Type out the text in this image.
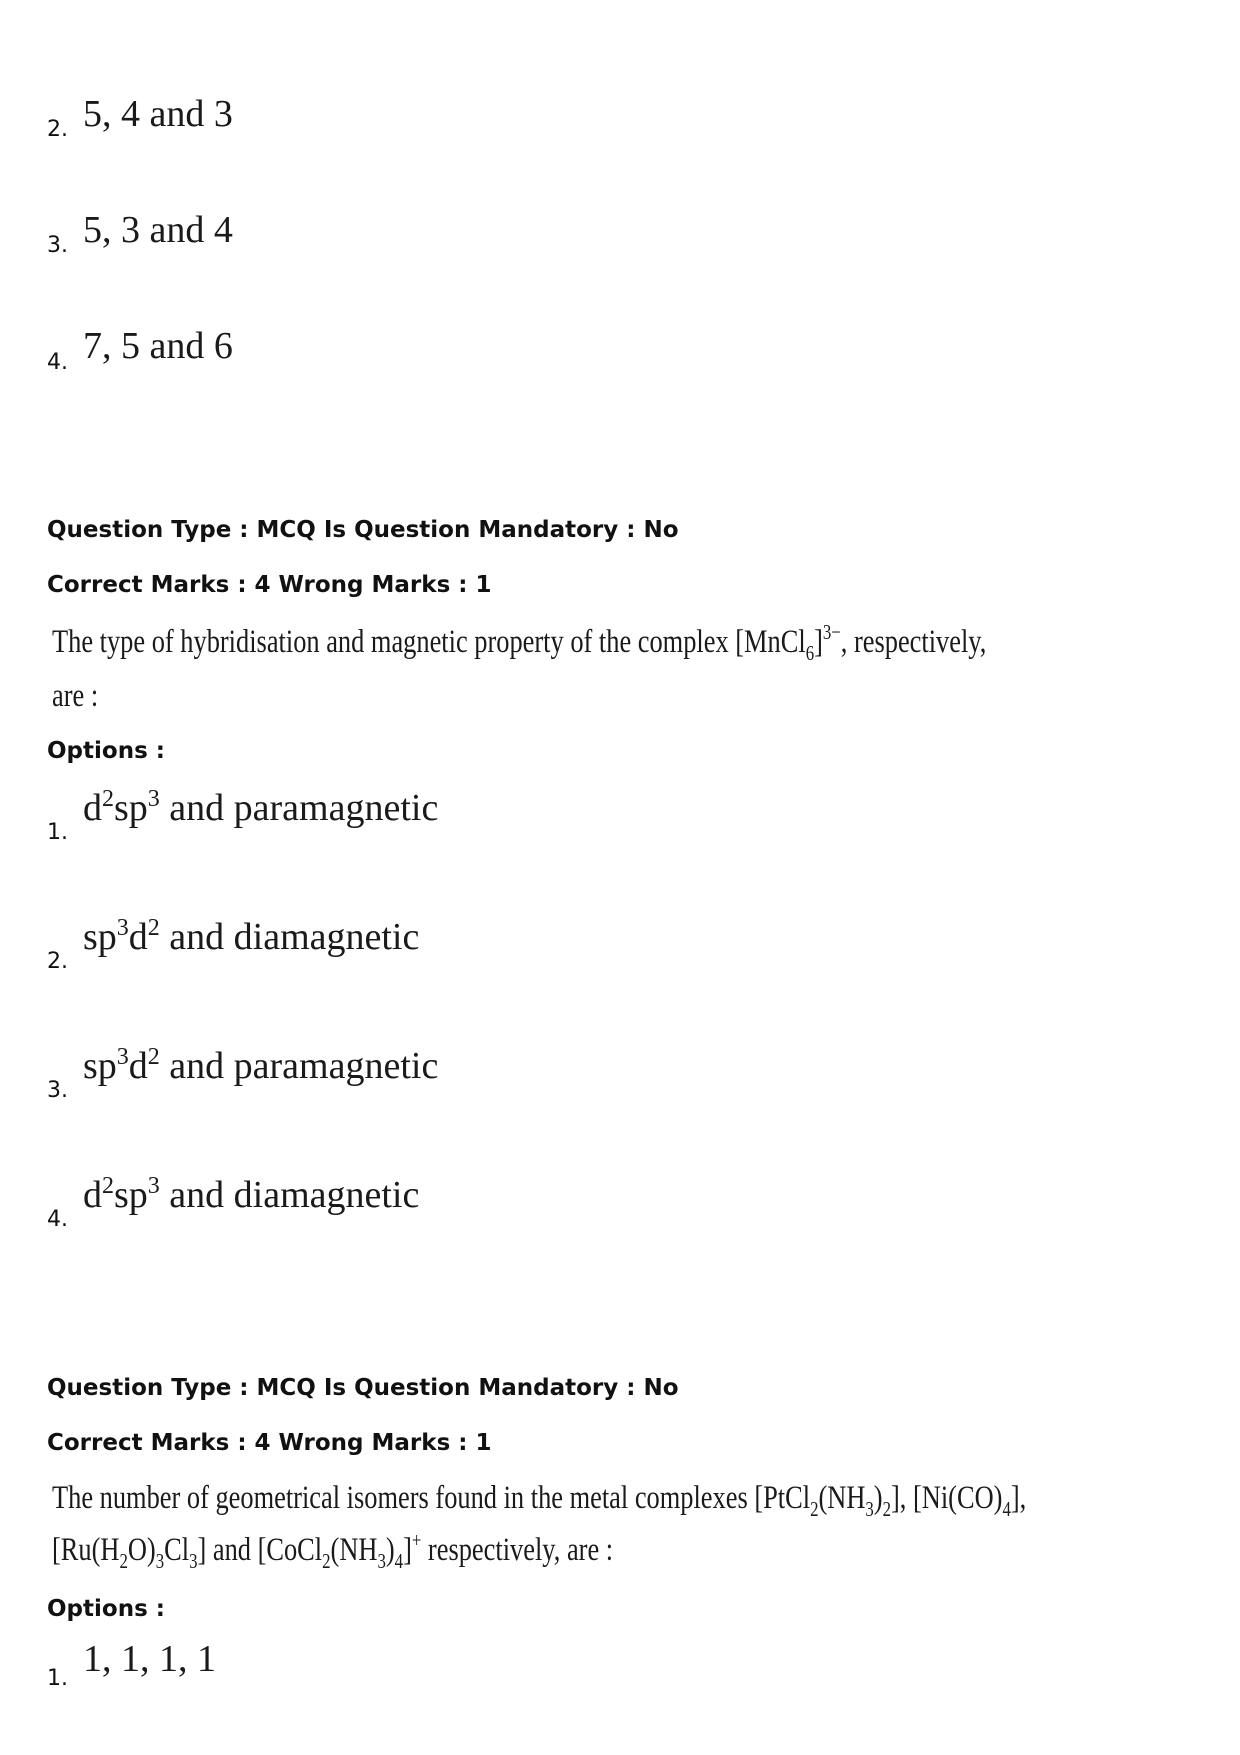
5, 4 and 3
2.
5, 3 and 4
3.
7, 5 and 6
4.
Question Type : MCQ Is Question Mandatory : No
Correct Marks : 4 Wrong Marks : 1
The type of hybridisation and magnetic property of the complex [MnCl$_6$]$^{3-}$, respectively,
are :
Options :
$d^2sp^3$ and paramagnetic
1.
$sp^3d^2$ and diamagnetic
2.
$sp^3d^2$ and paramagnetic
3.
$d^2sp^3$ and diamagnetic
4.
Question Type : MCQ Is Question Mandatory : No
Correct Marks : 4 Wrong Marks : 1
The number of geometrical isomers found in the metal complexes $[PtCl_2(NH_3)_2]$, $[Ni(CO)_4]$,
$[Ru(H_2O)_3Cl_3]$ and $[CoCl_2(NH_3)_4]^+$ respectively, are :
Options :
1, 1, 1, 1
1.
